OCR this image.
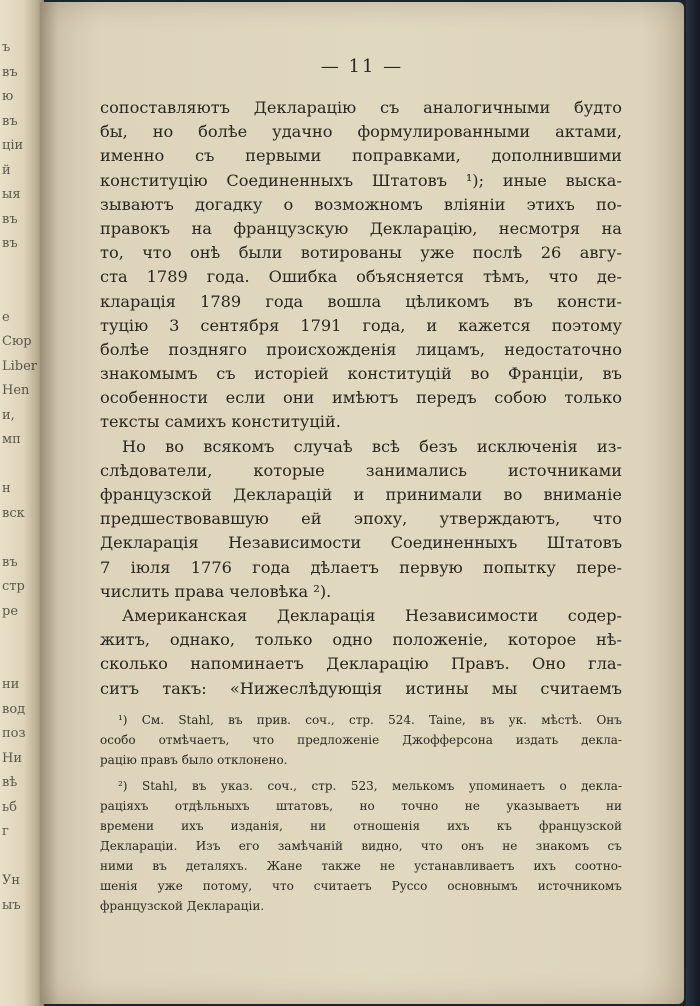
ъ
въ
ю
въ
ціи
й
ыя
въ
въ
е
Сюр
Liber
Hen
и,
мп
н
вск
въ
стр
ре
ни
вод
поз
Ни
вѣ
ьб
г
Ун
ыъ
— 11 —
сопоставляютъ Декларацію съ аналогичными будто
бы, но болѣе удачно формулированными актами,
именно съ первыми поправками, дополнившими
конституцію Соединенныхъ Штатовъ ¹); иные выска-
зываютъ догадку о возможномъ вліяніи этихъ по-
правокъ на французскую Декларацію, несмотря на
то, что онѣ были вотированы уже послѣ 26 авгу-
ста 1789 года. Ошибка объясняется тѣмъ, что де-
кларація 1789 года вошла цѣликомъ въ консти-
туцію 3 сентября 1791 года, и кажется поэтому
болѣе позднягo происхожденія лицамъ, недостаточно
знакомымъ съ исторіей конституцій во Франціи, въ
особенности если они имѣютъ передъ собою только
тексты самихъ конституцій.
Но во всякомъ случаѣ всѣ безъ исключенія из-
слѣдователи,	которые	занимались	источниками
французской Декларацій и принимали во вниманіе
предшествовавшую ей эпоху, утверждаютъ, что
Декларація Независимости Соединенныхъ Штатовъ
7 іюля 1776 года дѣлаетъ первую попытку пере-
числить права человѣка ²).
Американская Декларація Независимости содер-
житъ, однако, только одно положеніе, которое нѣ-
сколько напоминаетъ Декларацію Правъ. Оно гла-
ситъ такъ: «Нижеслѣдующія истины мы считаемъ
¹) См. Stahl, въ прив. соч., стр. 524. Taine, въ ук. мѣстѣ. Онъ
особо отмѣчаетъ, что предложеніе Джофферсона издать декла-
рацію правъ было отклонено.
²) Stahl, въ указ. соч., стр. 523, мелькомъ упоминаетъ о декла-
раціяхъ отдѣльныхъ штатовъ, но точно не указываетъ ни
времени ихъ изданія, ни отношенія ихъ къ французской
Деклараціи. Изъ его замѣчаній видно, что онъ не знакомъ съ
ними въ деталяхъ. Жане также не устанавливаетъ ихъ соотно-
шенія уже потому, что считаетъ Руссо основнымъ источникомъ
французской Деклараціи.
